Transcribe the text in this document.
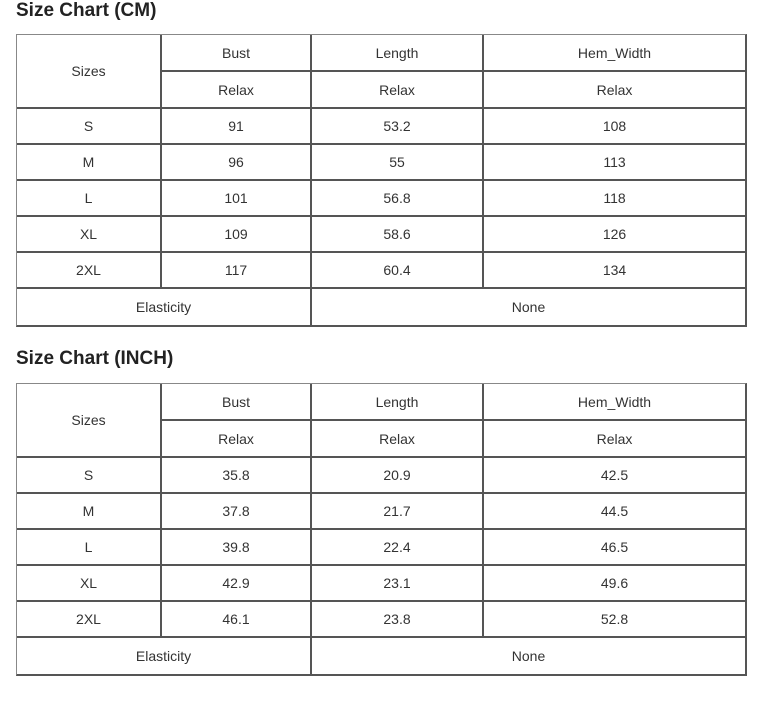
Size Chart (CM)
Sizes	Bust	Length	Hem_Width
	Relax	Relax	Relax
S	91	53.2	108
M	96	55	113
L	101	56.8	118
XL	109	58.6	126
2XL	117	60.4	134
Elasticity		None	
Size Chart (INCH)
Sizes	Bust	Length	Hem_Width
	Relax	Relax	Relax
S	35.8	20.9	42.5
M	37.8	21.7	44.5
L	39.8	22.4	46.5
XL	42.9	23.1	49.6
2XL	46.1	23.8	52.8
Elasticity		None	
